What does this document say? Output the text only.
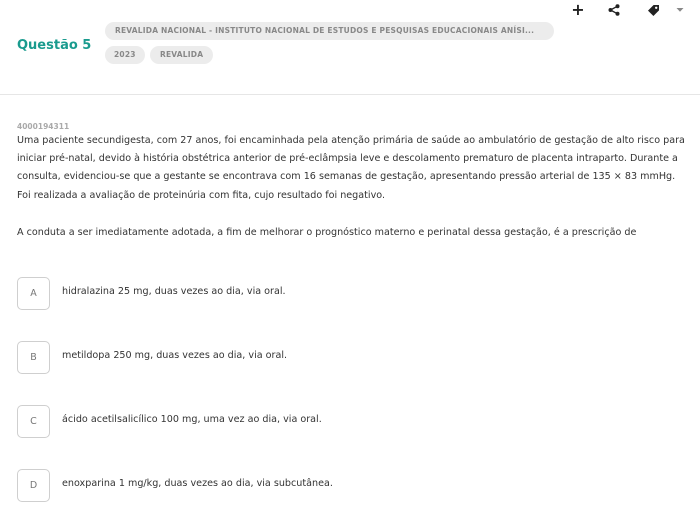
Questão 5
REVALIDA NACIONAL - INSTITUTO NACIONAL DE ESTUDOS E PESQUISAS EDUCACIONAIS ANÍSI...
2023	REVALIDA
+
4000194311
Uma paciente secundigesta, com 27 anos, foi encaminhada pela atenção primária de saúde ao ambulatório de gestação de alto risco para iniciar pré-natal, devido à história obstétrica anterior de pré-eclâmpsia leve e descolamento prematuro de placenta intraparto. Durante a consulta, evidenciou-se que a gestante se encontrava com 16 semanas de gestação, apresentando pressão arterial de 135 × 83 mmHg. Foi realizada a avaliação de proteinúria com fita, cujo resultado foi negativo.
A conduta a ser imediatamente adotada, a fim de melhorar o prognóstico materno e perinatal dessa gestação, é a prescrição de
A	hidralazina 25 mg, duas vezes ao dia, via oral.
B	metildopa 250 mg, duas vezes ao dia, via oral.
C	ácido acetilsalicílico 100 mg, uma vez ao dia, via oral.
D	enoxparina 1 mg/kg, duas vezes ao dia, via subcutânea.
